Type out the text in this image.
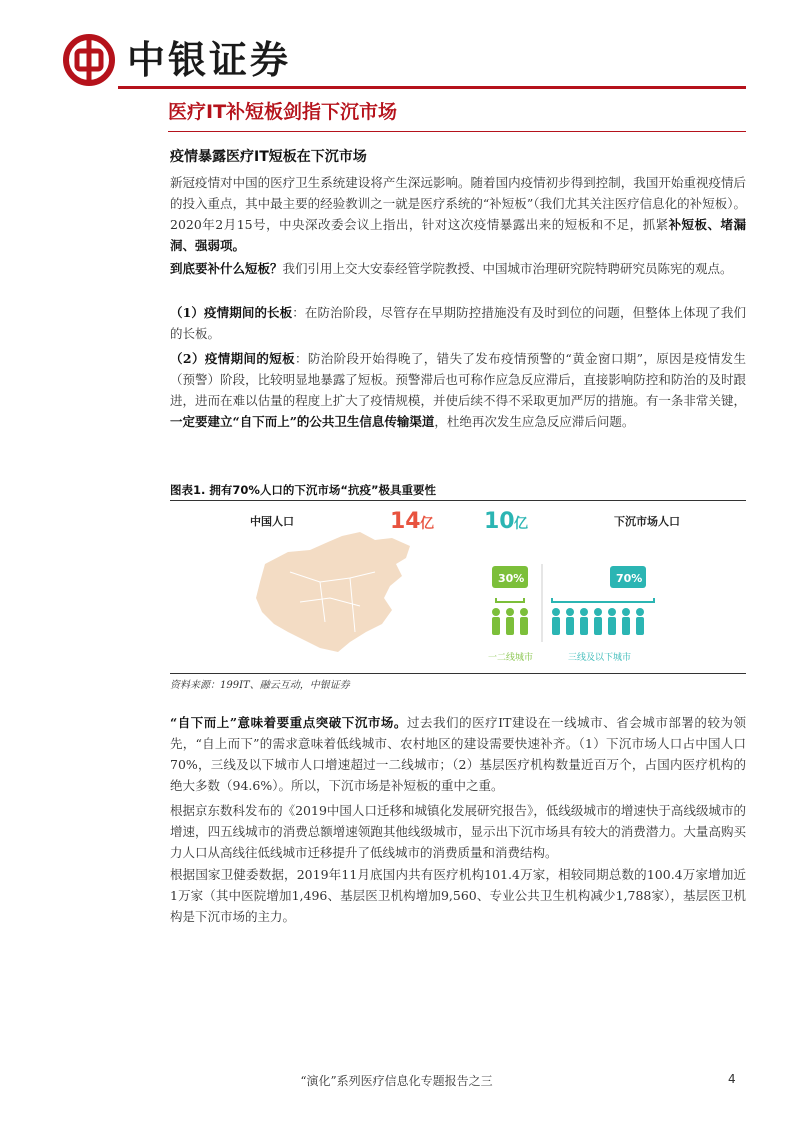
中银证券
医疗IT补短板剑指下沉市场
疫情暴露医疗IT短板在下沉市场
新冠疫情对中国的医疗卫生系统建设将产生深远影响。随着国内疫情初步得到控制，我国开始重视疫情后的投入重点，其中最主要的经验教训之一就是医疗系统的“补短板”（我们尤其关注医疗信息化的补短板）。2020年2月15号，中央深改委会议上指出，针对这次疫情暴露出来的短板和不足，抓紧补短板、堵漏洞、强弱项。
到底要补什么短板？我们引用上交大安泰经管学院教授、中国城市治理研究院特聘研究员陈宪的观点。
（1）疫情期间的长板：在防治阶段，尽管存在早期防控措施没有及时到位的问题，但整体上体现了我们的长板。
（2）疫情期间的短板：防治阶段开始得晚了，错失了发布疫情预警的“黄金窗口期”，原因是疫情发生（预警）阶段，比较明显地暴露了短板。预警滞后也可称作应急反应滞后，直接影响防控和防治的及时跟进，进而在难以估量的程度上扩大了疫情规模，并使后续不得不采取更加严厉的措施。有一条非常关键，一定要建立“自下而上”的公共卫生信息传输渠道，杜绝再次发生应急反应滞后问题。
图表1. 拥有70%人口的下沉市场“抗疫”极具重要性
中国人口	下沉市场人口
14 亿 10 亿
30%
一二线城市
70%
三线及以下城市
资料来源：199IT、融云互动，中银证券
“自下而上”意味着要重点突破下沉市场。过去我们的医疗IT建设在一线城市、省会城市部署的较为领先，“自上而下”的需求意味着低线城市、农村地区的建设需要快速补齐。（1）下沉市场人口占中国人口70%，三线及以下城市人口增速超过一二线城市；（2）基层医疗机构数量近百万个，占国内医疗机构的绝大多数（94.6%）。所以，下沉市场是补短板的重中之重。
根据京东数科发布的《2019中国人口迁移和城镇化发展研究报告》，低线级城市的增速快于高线级城市的增速，四五线城市的消费总额增速领跑其他线级城市，显示出下沉市场具有较大的消费潜力。大量高购买力人口从高线往低线城市迁移提升了低线城市的消费质量和消费结构。
根据国家卫健委数据，2019年11月底国内共有医疗机构101.4万家，相较同期总数的100.4万家增加近1万家（其中医院增加1,496、基层医卫机构增加9,560、专业公共卫生机构减少1,788家），基层医卫机构是下沉市场的主力。
“演化”系列医疗信息化专题报告之三	4
